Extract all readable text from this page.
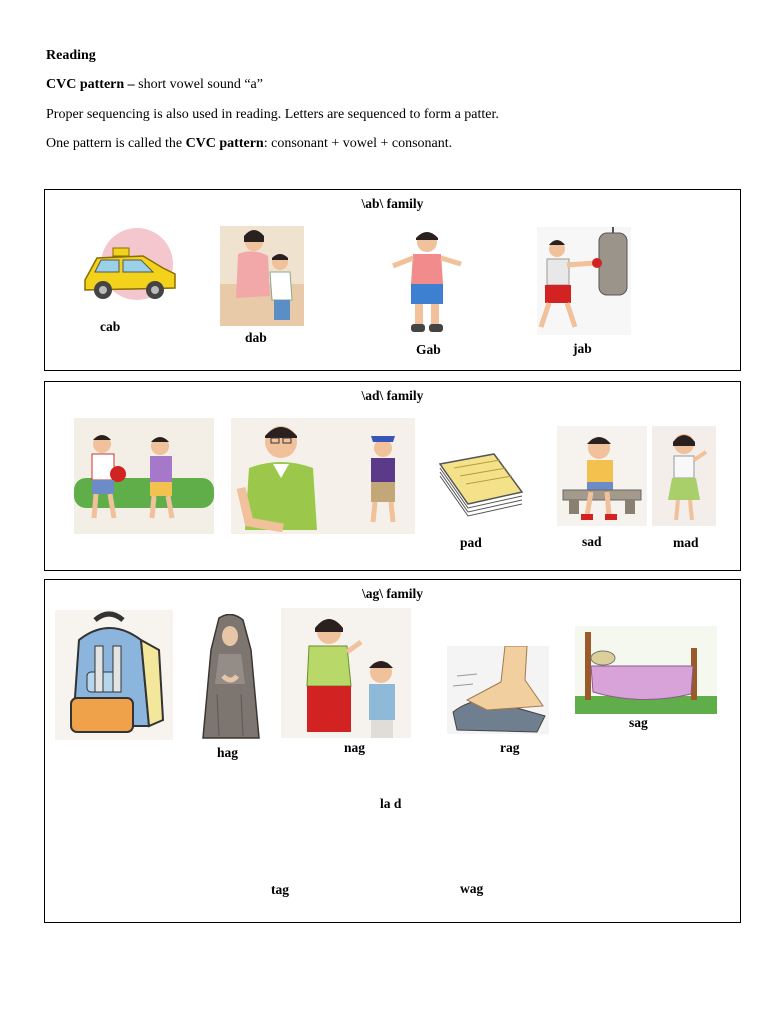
Reading
CVC pattern – short vowel sound “a”
Proper sequencing is also used in reading. Letters are sequenced to form a patter.
One pattern is called the CVC pattern: consonant + vowel + consonant.
\ab\ family
cab
dab
Gab	jab
\ad\ family
pad	sad	mad
\ag\ family
hag	nag	rag
sag
la d
tag	wag
